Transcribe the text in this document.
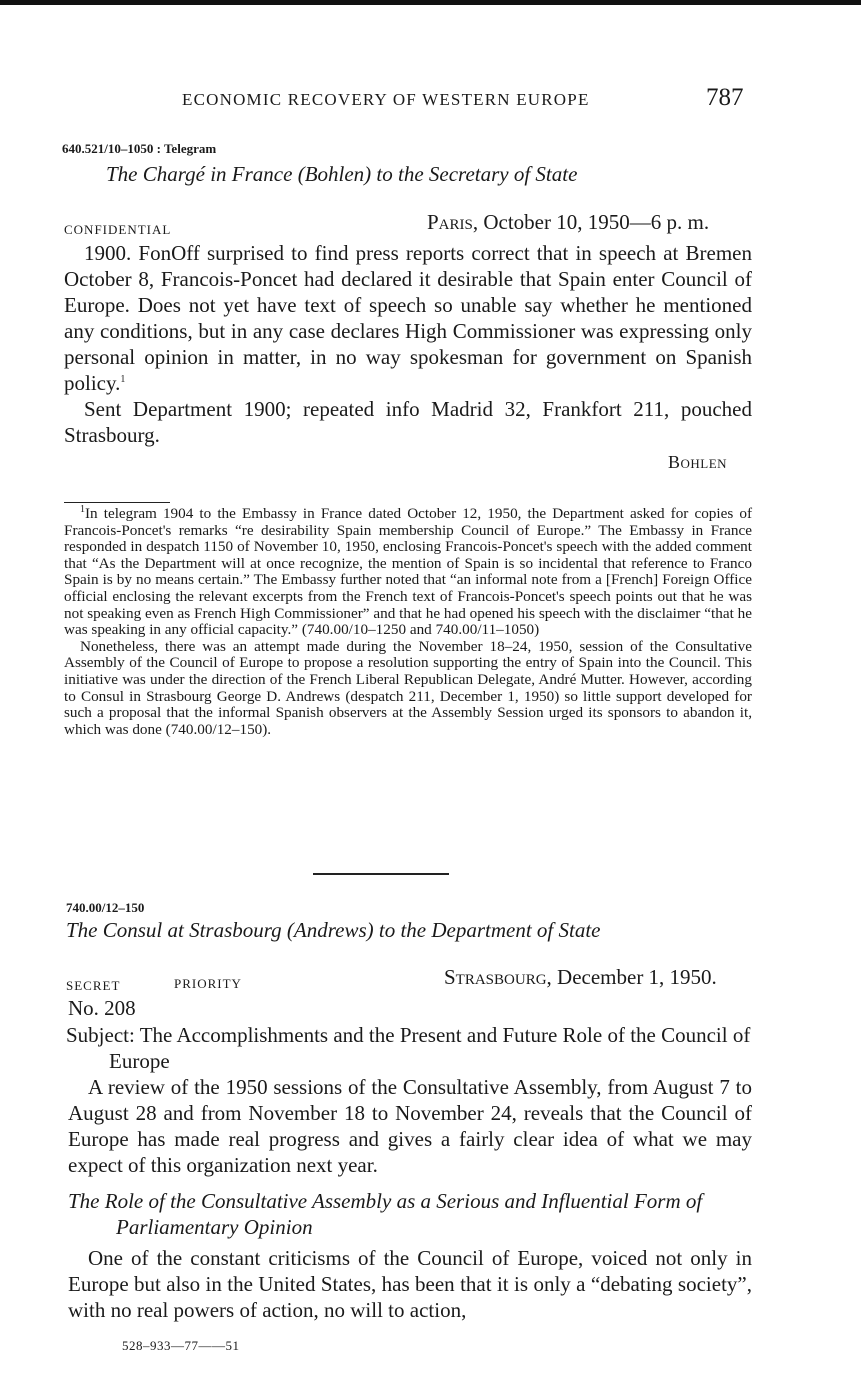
ECONOMIC RECOVERY OF WESTERN EUROPE	787
640.521/10–1050 : Telegram
The Chargé in France (Bohlen) to the Secretary of State
CONFIDENTIAL	Paris, October 10, 1950—6 p. m.

1900. FonOff surprised to find press reports correct that in speech at Bremen October 8, Francois-Poncet had declared it desirable that Spain enter Council of Europe. Does not yet have text of speech so unable say whether he mentioned any conditions, but in any case declares High Commissioner was expressing only personal opinion in matter, in no way spokesman for government on Spanish policy.$^1$

Sent Department 1900; repeated info Madrid 32, Frankfort 211, pouched Strasbourg.

Bohlen

$^1$In telegram 1904 to the Embassy in France dated October 12, 1950, the Department asked for copies of Francois-Poncet's remarks “re desirability Spain membership Council of Europe.” The Embassy in France responded in despatch 1150 of November 10, 1950, enclosing Francois-Poncet's speech with the added comment that “As the Department will at once recognize, the mention of Spain is so incidental that reference to Franco Spain is by no means certain.” The Embassy further noted that “an informal note from a [French] Foreign Office official enclosing the relevant excerpts from the French text of Francois-Poncet's speech points out that he was not speaking even as French High Commissioner” and that he had opened his speech with the disclaimer “that he was speaking in any official capacity.” (740.00/10–1250 and 740.00/11–1050)

Nonetheless, there was an attempt made during the November 18–24, 1950, session of the Consultative Assembly of the Council of Europe to propose a resolution supporting the entry of Spain into the Council. This initiative was under the direction of the French Liberal Republican Delegate, André Mutter. However, according to Consul in Strasbourg George D. Andrews (despatch 211, December 1, 1950) so little support developed for such a proposal that the informal Spanish observers at the Assembly Session urged its sponsors to abandon it, which was done (740.00/12–150).

740.00/12–150
The Consul at Strasbourg (Andrews) to the Department of State
SECRET	PRIORITY	Strasbourg, December 1, 1950.
No. 208
Subject: The Accomplishments and the Present and Future Role of the Council of Europe

A review of the 1950 sessions of the Consultative Assembly, from August 7 to August 28 and from November 18 to November 24, reveals that the Council of Europe has made real progress and gives a fairly clear idea of what we may expect of this organization next year.

The Role of the Consultative Assembly as a Serious and Influential Form of Parliamentary Opinion

One of the constant criticisms of the Council of Europe, voiced not only in Europe but also in the United States, has been that it is only a “debating society”, with no real powers of action, no will to action,

528–933—77——51
